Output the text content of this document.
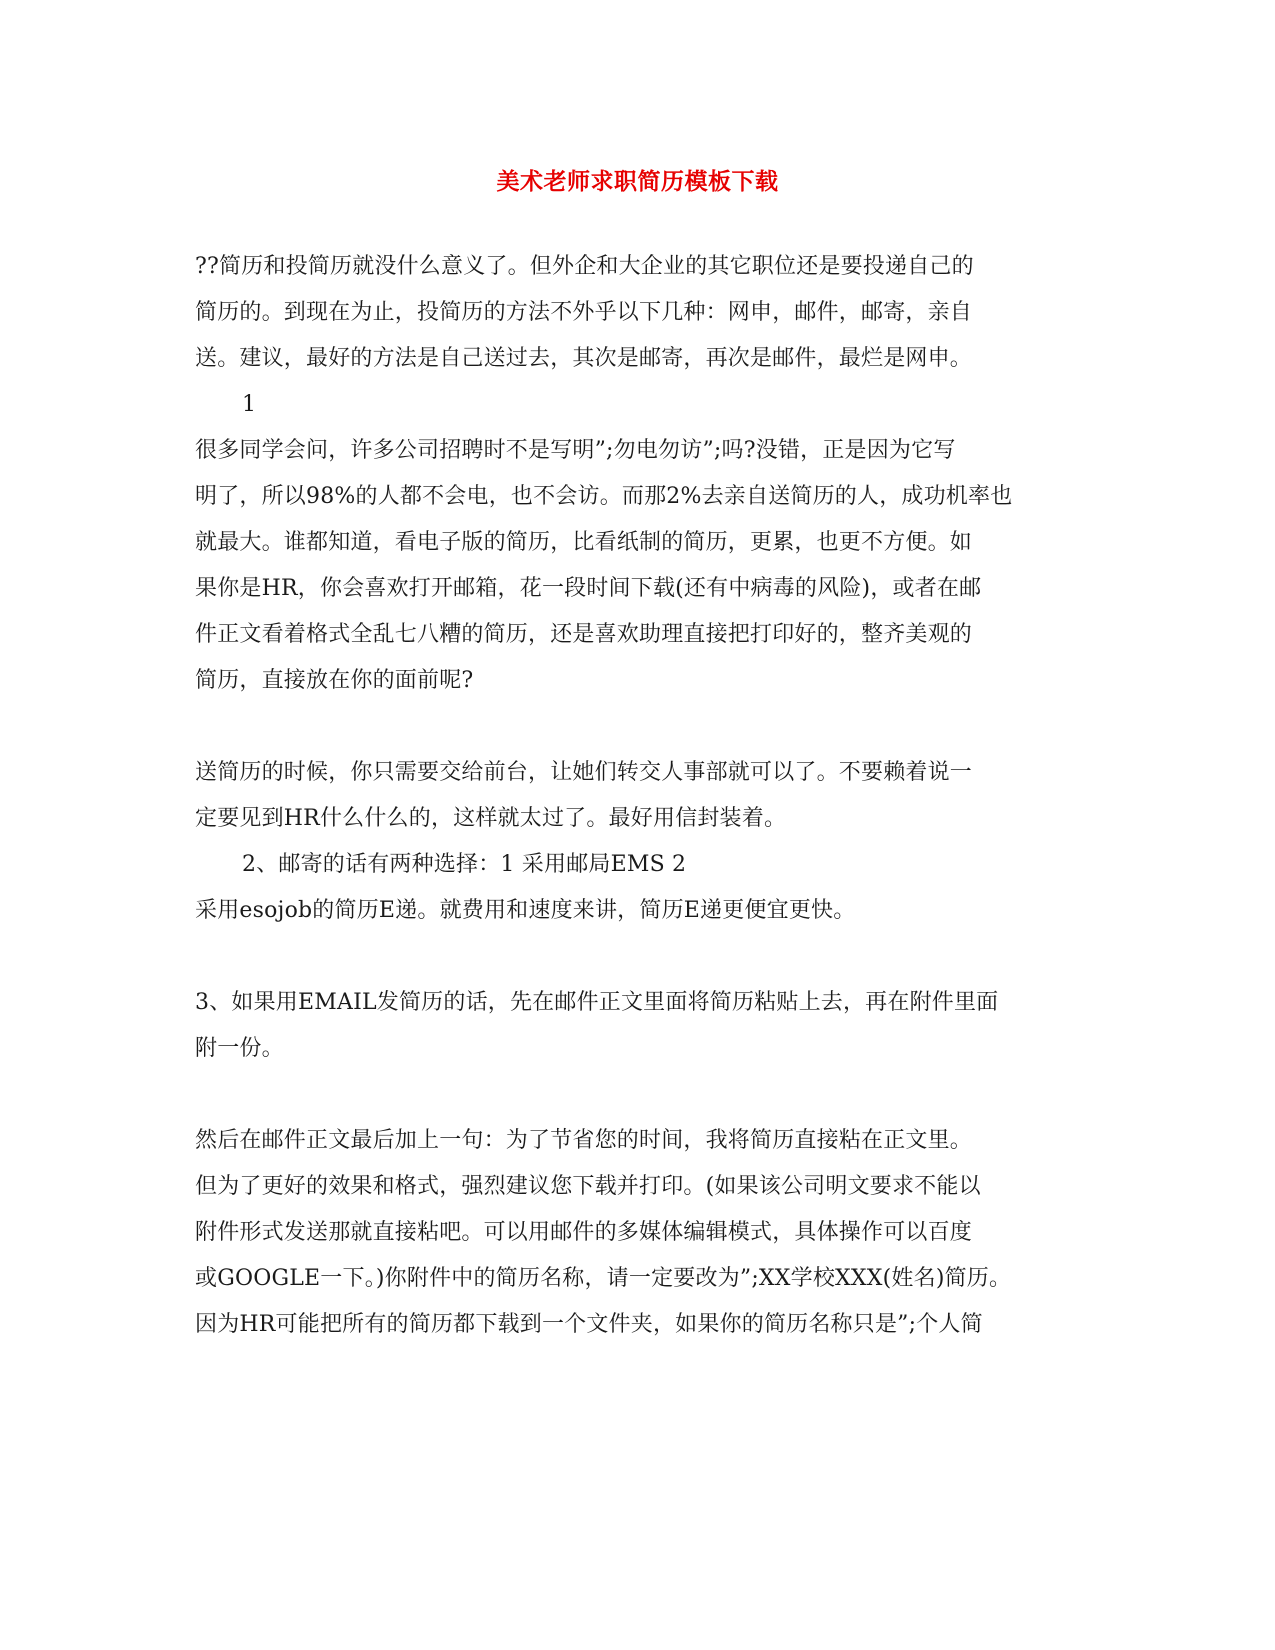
美术老师求职简历模板下载
??简历和投简历就没什么意义了。但外企和大企业的其它职位还是要投递自己的
简历的。到现在为止，投简历的方法不外乎以下几种：网申，邮件，邮寄，亲自
送。建议，最好的方法是自己送过去，其次是邮寄，再次是邮件，最烂是网申。
1
很多同学会问，许多公司招聘时不是写明”;勿电勿访”;吗?没错，正是因为它写
明了，所以98%的人都不会电，也不会访。而那2%去亲自送简历的人，成功机率也
就最大。谁都知道，看电子版的简历，比看纸制的简历，更累，也更不方便。如
果你是HR，你会喜欢打开邮箱，花一段时间下载(还有中病毒的风险)，或者在邮
件正文看着格式全乱七八糟的简历，还是喜欢助理直接把打印好的，整齐美观的
简历，直接放在你的面前呢?
送简历的时候，你只需要交给前台，让她们转交人事部就可以了。不要赖着说一
定要见到HR什么什么的，这样就太过了。最好用信封装着。
2、邮寄的话有两种选择：1 采用邮局EMS 2
采用esojob的简历E递。就费用和速度来讲，简历E递更便宜更快。
3、如果用EMAIL发简历的话，先在邮件正文里面将简历粘贴上去，再在附件里面
附一份。
然后在邮件正文最后加上一句：为了节省您的时间，我将简历直接粘在正文里。
但为了更好的效果和格式，强烈建议您下载并打印。(如果该公司明文要求不能以
附件形式发送那就直接粘吧。可以用邮件的多媒体编辑模式，具体操作可以百度
或GOOGLE一下。)你附件中的简历名称，请一定要改为”;XX学校XXX(姓名)简历。
因为HR可能把所有的简历都下载到一个文件夹，如果你的简历名称只是”;个人简
